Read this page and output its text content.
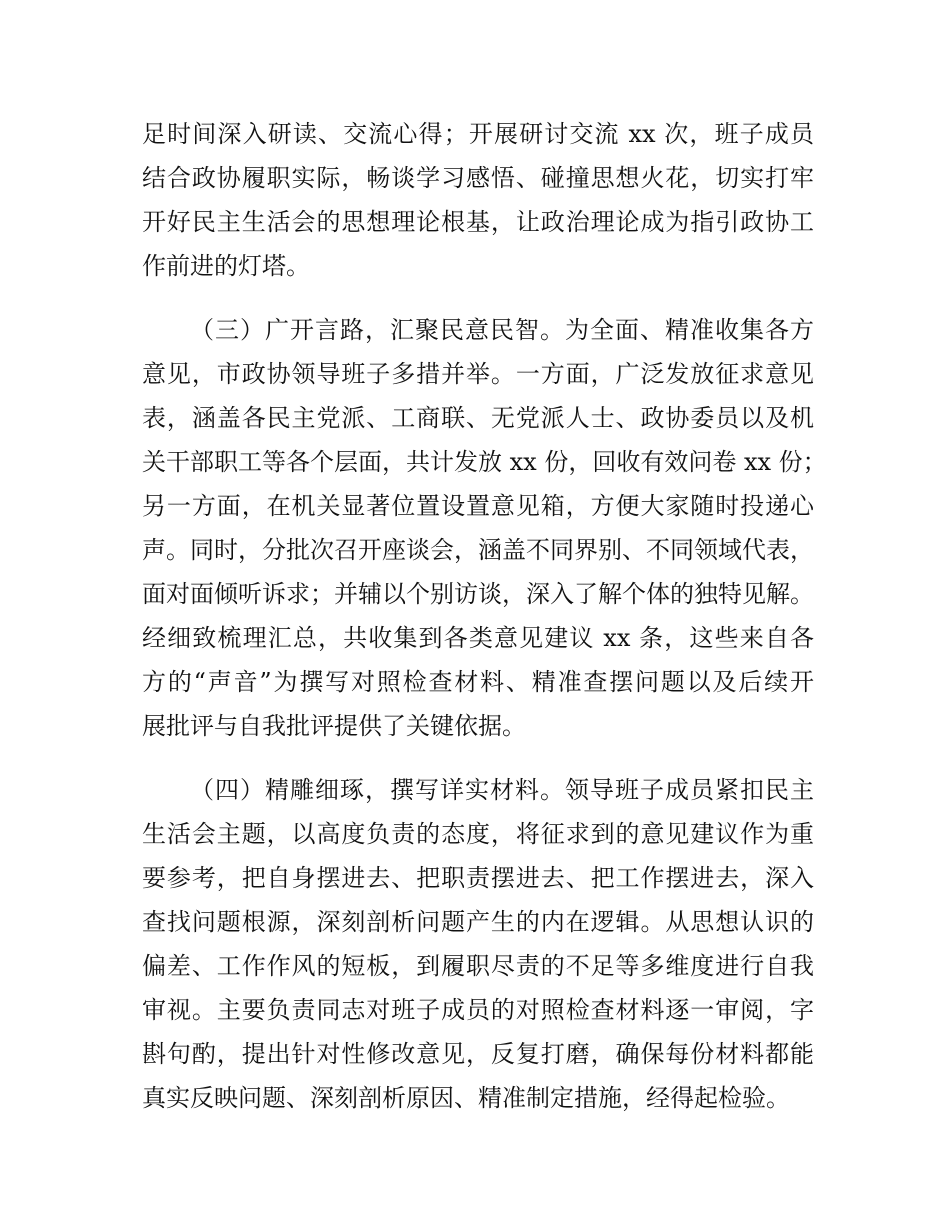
足时间深入研读、交流心得；开展研讨交流 xx 次，班子成员
结合政协履职实际，畅谈学习感悟、碰撞思想火花，切实打牢
开好民主生活会的思想理论根基，让政治理论成为指引政协工
作前进的灯塔。

（三）广开言路，汇聚民意民智。为全面、精准收集各方
意见，市政协领导班子多措并举。一方面，广泛发放征求意见
表，涵盖各民主党派、工商联、无党派人士、政协委员以及机
关干部职工等各个层面，共计发放 xx 份，回收有效问卷 xx 份；
另一方面，在机关显著位置设置意见箱，方便大家随时投递心
声。同时，分批次召开座谈会，涵盖不同界别、不同领域代表，
面对面倾听诉求；并辅以个别访谈，深入了解个体的独特见解。
经细致梳理汇总，共收集到各类意见建议 xx 条，这些来自各
方的“声音”为撰写对照检查材料、精准查摆问题以及后续开
展批评与自我批评提供了关键依据。

（四）精雕细琢，撰写详实材料。领导班子成员紧扣民主
生活会主题，以高度负责的态度，将征求到的意见建议作为重
要参考，把自身摆进去、把职责摆进去、把工作摆进去，深入
查找问题根源，深刻剖析问题产生的内在逻辑。从思想认识的
偏差、工作作风的短板，到履职尽责的不足等多维度进行自我
审视。主要负责同志对班子成员的对照检查材料逐一审阅，字
斟句酌，提出针对性修改意见，反复打磨，确保每份材料都能
真实反映问题、深刻剖析原因、精准制定措施，经得起检验。
